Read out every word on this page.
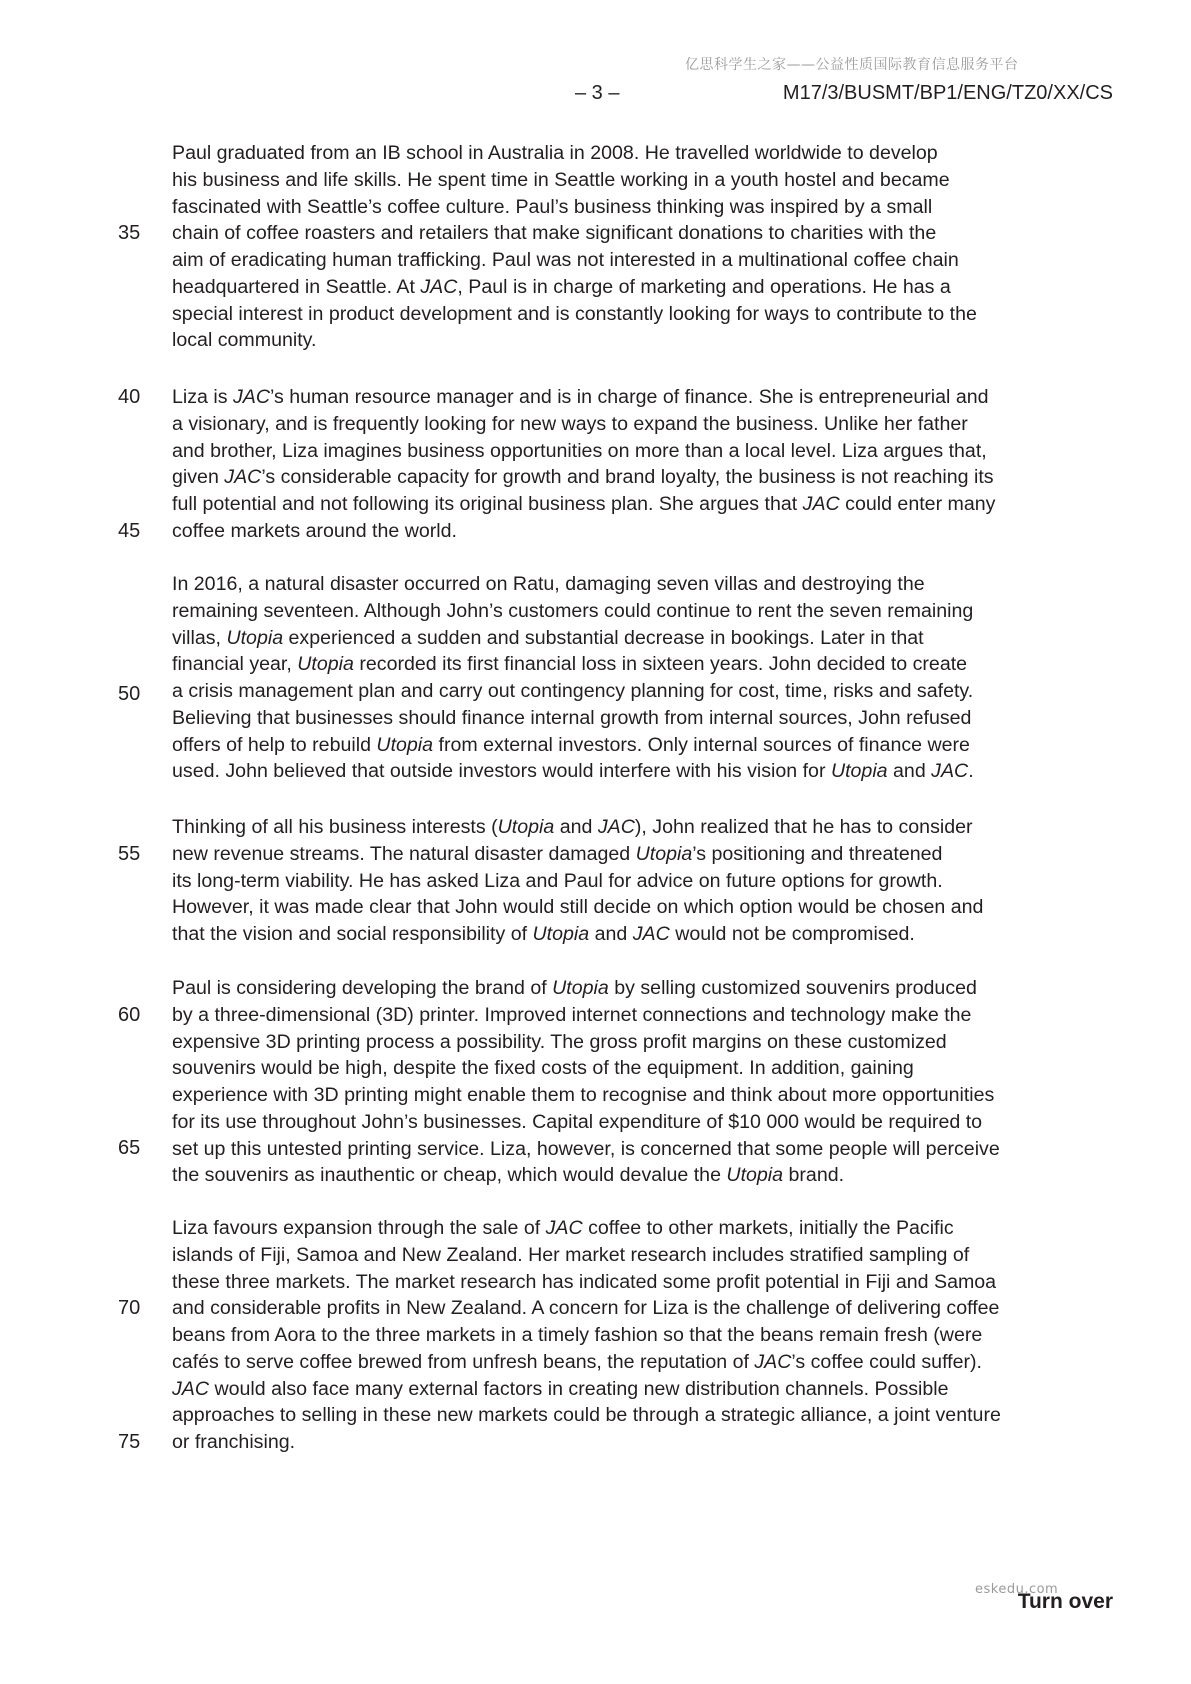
亿思科学生之家——公益性质国际教育信息服务平台
– 3 –	M17/3/BUSMT/BP1/ENG/TZ0/XX/CS
35
40
45
50
55
60
65
70
75

Paul graduated from an IB school in Australia in 2008. He travelled worldwide to develop
his business and life skills. He spent time in Seattle working in a youth hostel and became
fascinated with Seattle’s coffee culture. Paul’s business thinking was inspired by a small
chain of coffee roasters and retailers that make significant donations to charities with the
aim of eradicating human trafficking. Paul was not interested in a multinational coffee chain
headquartered in Seattle. At JAC, Paul is in charge of marketing and operations. He has a
special interest in product development and is constantly looking for ways to contribute to the
local community.

Liza is JAC’s human resource manager and is in charge of finance. She is entrepreneurial and
a visionary, and is frequently looking for new ways to expand the business. Unlike her father
and brother, Liza imagines business opportunities on more than a local level. Liza argues that,
given JAC’s considerable capacity for growth and brand loyalty, the business is not reaching its
full potential and not following its original business plan. She argues that JAC could enter many
coffee markets around the world.

In 2016, a natural disaster occurred on Ratu, damaging seven villas and destroying the
remaining seventeen. Although John’s customers could continue to rent the seven remaining
villas, Utopia experienced a sudden and substantial decrease in bookings. Later in that
financial year, Utopia recorded its first financial loss in sixteen years. John decided to create
a crisis management plan and carry out contingency planning for cost, time, risks and safety.
Believing that businesses should finance internal growth from internal sources, John refused
offers of help to rebuild Utopia from external investors. Only internal sources of finance were
used. John believed that outside investors would interfere with his vision for Utopia and JAC.

Thinking of all his business interests (Utopia and JAC), John realized that he has to consider
new revenue streams. The natural disaster damaged Utopia’s positioning and threatened
its long-term viability. He has asked Liza and Paul for advice on future options for growth.
However, it was made clear that John would still decide on which option would be chosen and
that the vision and social responsibility of Utopia and JAC would not be compromised.

Paul is considering developing the brand of Utopia by selling customized souvenirs produced
by a three-dimensional (3D) printer. Improved internet connections and technology make the
expensive 3D printing process a possibility. The gross profit margins on these customized
souvenirs would be high, despite the fixed costs of the equipment. In addition, gaining
experience with 3D printing might enable them to recognise and think about more opportunities
for its use throughout John’s businesses. Capital expenditure of $10 000 would be required to
set up this untested printing service. Liza, however, is concerned that some people will perceive
the souvenirs as inauthentic or cheap, which would devalue the Utopia brand.

Liza favours expansion through the sale of JAC coffee to other markets, initially the Pacific
islands of Fiji, Samoa and New Zealand. Her market research includes stratified sampling of
these three markets. The market research has indicated some profit potential in Fiji and Samoa
and considerable profits in New Zealand. A concern for Liza is the challenge of delivering coffee
beans from Aora to the three markets in a timely fashion so that the beans remain fresh (were
cafés to serve coffee brewed from unfresh beans, the reputation of JAC’s coffee could suffer).
JAC would also face many external factors in creating new distribution channels. Possible
approaches to selling in these new markets could be through a strategic alliance, a joint venture
or franchising.

eskedu.com
Turn over
